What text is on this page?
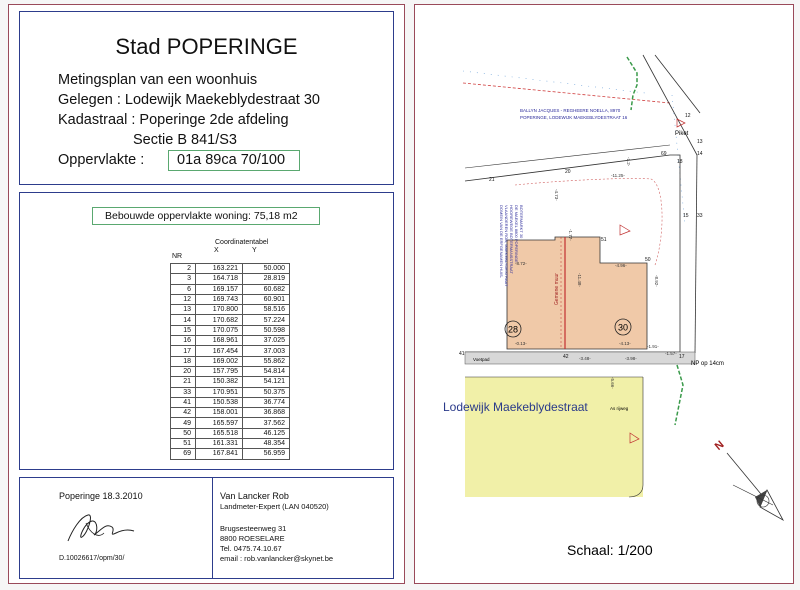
Stad POPERINGE
Metingsplan van een woonhuis
Gelegen : Lodewijk Maekeblydestraat 30
Kadastraal : Poperinge 2de afdeling
Sectie B 841/S3
Oppervlakte : 01a 89ca 70/100
Bebouwde oppervlakte woning: 75,18 m2
Coordinatentabel
X	Y
NR
2	163.221	50.000
3	164.718	28.819
6	169.157	60.682
12	169.743	60.901
13	170.800	58.516
14	170.682	57.224
15	170.075	50.598
16	168.961	37.025
17	167.454	37.003
18	169.002	55.862
20	157.795	54.814
21	150.382	54.121
33	170.951	50.375
41	150.538	36.774
42	158.001	36.868
49	165.597	37.562
50	165.518	46.125
51	161.331	48.354
69	167.841	56.959
Poperinge 18.3.2010
D.10026617/opm/30/
Van Lancker Rob
Landmeter-Expert (LAN 040520)
Brugsesteenweg 31
8800 ROESELARE
Tel. 0475.74.10.67
email : rob.vanlancker@skynet.be
BALLYN JACQUES - REGHEERE NOELLA, 8970
POPERINGE, LODEWIJK MAEKEBLYDESTRAAT 16
Gemene muur
28	30
DOMEIN VAN DE ERFGENAMEN HUIS- VLAANDEREN ROB, MAEKEBLYDESTRAAT HOOREWEGE BOTERMANSSTRAAT DE MAEKEL 8800 POPERINGE BOTERMARKT 30
Voetpad
Lodewijk Maekeblydestraat	As rijweg
21
20
69
18
12
13
14
15 33
51
50
41	42	17
Piket
NP op 14cm
-11.25-
-4.73-
-1.77-
-11.48-	-8.92-
-8.72-	-4.96-
-3.48-	-3.98-
-1.91-
-1.57-
-0.13-	-4.13-
-5.66-
-1.2-
N
Schaal: 1/200
